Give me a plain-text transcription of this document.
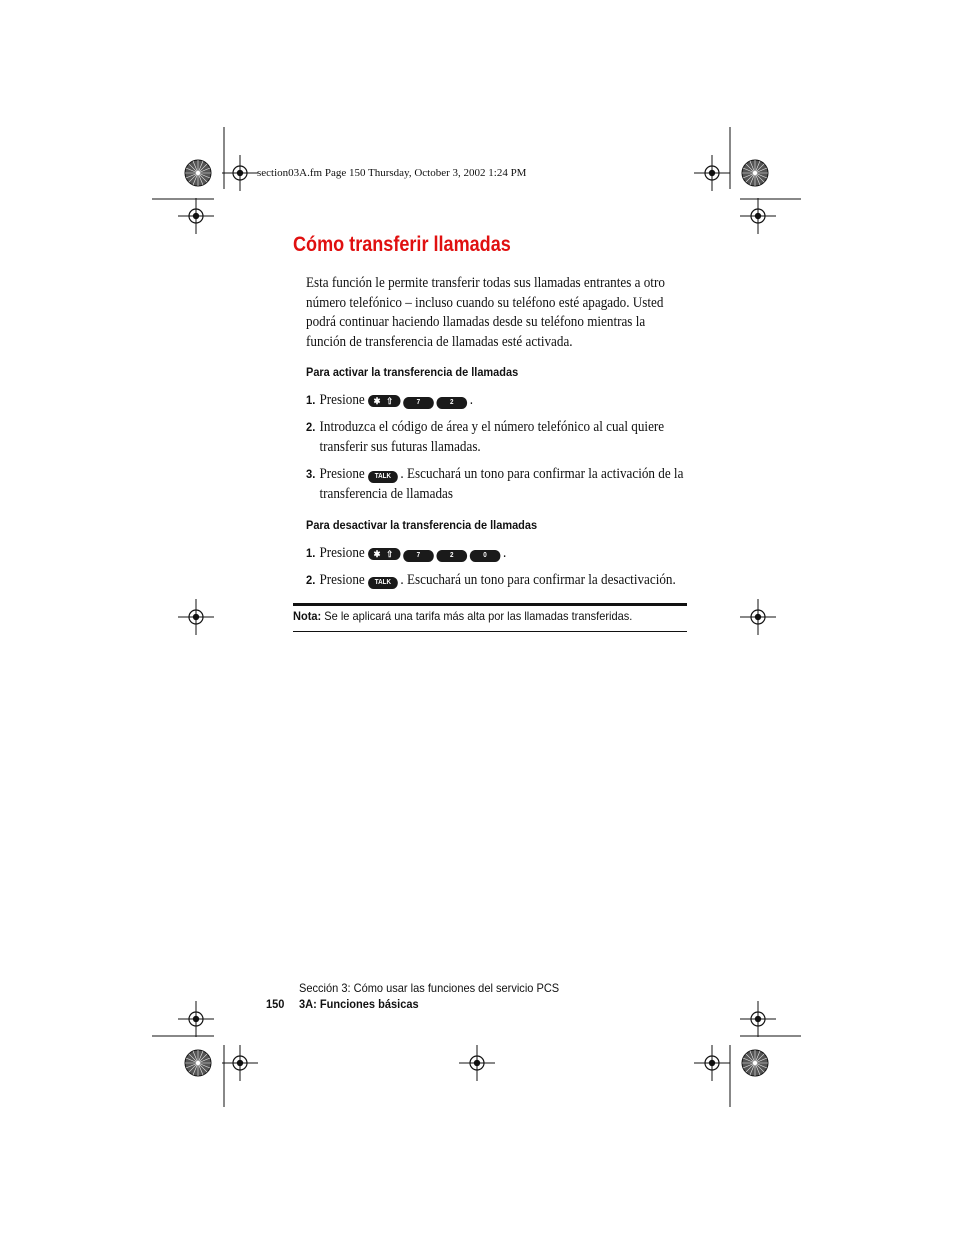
section03A.fm Page 150 Thursday, October 3, 2002 1:24 PM
Cómo transferir llamadas

Esta función le permite transferir todas sus llamadas entrantes a otro número telefónico – incluso cuando su teléfono esté apagado. Usted podrá continuar haciendo llamadas desde su teléfono mientras la función de transferencia de llamadas esté activada.

Para activar la transferencia de llamadas
1. Presione ✱ ⇧	7	2 .
2. Introduzca el código de área y el número telefónico al cual quiere transferir sus futuras llamadas.
3. Presione TALK . Escuchará un tono para confirmar la activación de la transferencia de llamadas
Para desactivar la transferencia de llamadas
1. Presione ✱ ⇧	7	2	0 .
2. Presione TALK . Escuchará un tono para confirmar la desactivación.
Nota: Se le aplicará una tarifa más alta por las llamadas transferidas.
Sección 3: Cómo usar las funciones del servicio PCS
150 3A: Funciones básicas
